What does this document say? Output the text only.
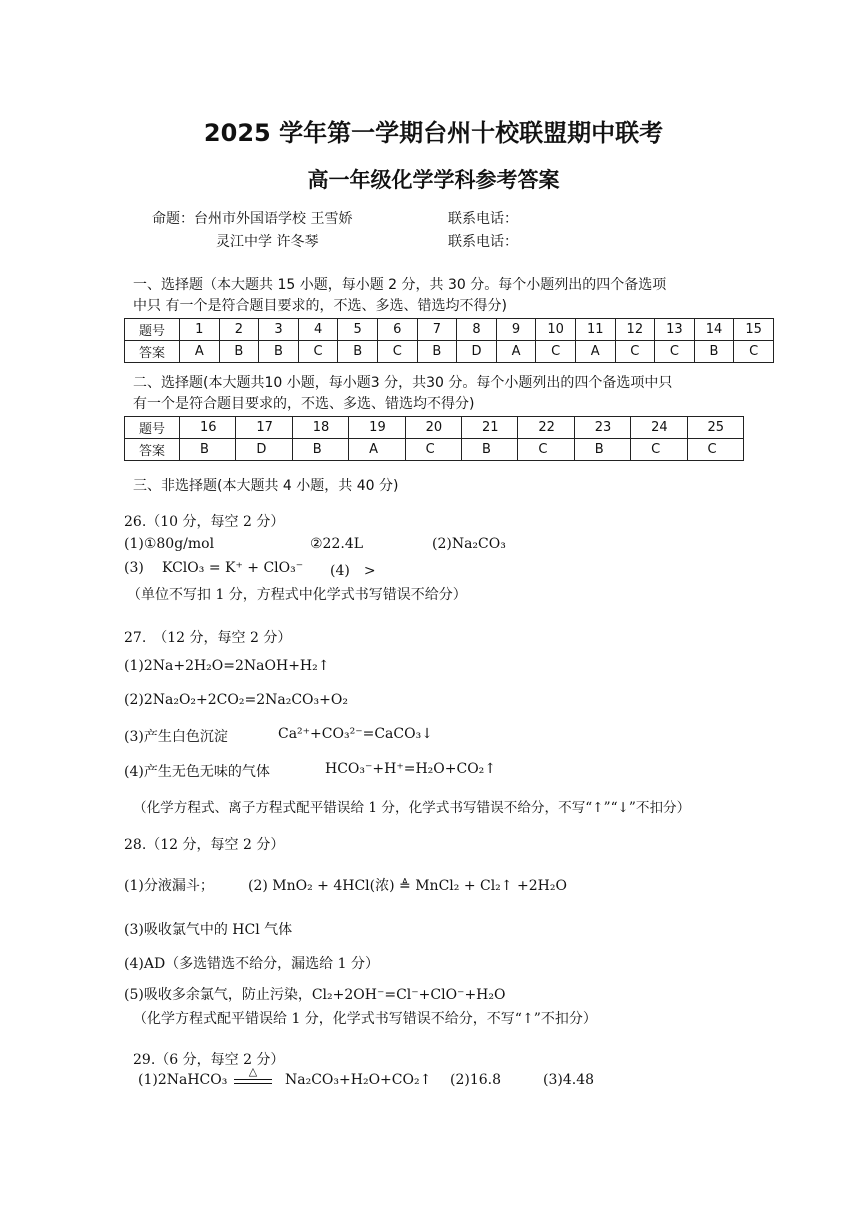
2025 学年第一学期台州十校联盟期中联考
高一年级化学学科参考答案
命题：台州市外国语学校 王雪娇	联系电话：
灵江中学 许冬琴	联系电话：
一、选择题（本大题共 15 小题，每小题 2 分，共 30 分。每个小题列出的四个备选项
中只 有一个是符合题目要求的，不选、多选、错选均不得分)
题号	1	2	3	4	5	6	7	8	9	10	11	12	13	14	15
答案	A	B	B	C	B	C	B	D	A	C	A	C	C	B	C
二、选择题(本大题共10 小题，每小题3 分，共30 分。每个小题列出的四个备选项中只
有一个是符合题目要求的，不选、多选、错选均不得分)
题号	16	17	18	19	20	21	22	23	24	25
答案	B	D	B	A	C	B	C	B	C	C
三、非选择题(本大题共 4 小题，共 40 分)
26.（10 分，每空 2 分）
(1)①80g/mol	②22.4L	(2)Na₂CO₃
(3) KClO₃ = K⁺ + ClO₃⁻ (4)　>
（单位不写扣 1 分，方程式中化学式书写错误不给分）
27.　（12 分，每空 2 分）
(1)2Na+2H₂O=2NaOH+H₂↑
(2)2Na₂O₂+2CO₂=2Na₂CO₃+O₂
(3)产生白色沉淀	Ca²⁺+CO₃²⁻=CaCO₃↓
(4)产生无色无味的气体	HCO₃⁻+H⁺=H₂O+CO₂↑
（化学方程式、离子方程式配平错误给 1 分，化学式书写错误不给分，不写“↑”“↓”不扣分）
28.（12 分，每空 2 分）
(1)分液漏斗； (2) MnO₂ + 4HCl(浓) ≜ MnCl₂ + Cl₂↑ +2H₂O
(3)吸收氯气中的 HCl 气体
(4)AD（多选错选不给分，漏选给 1 分）
(5)吸收多余氯气，防止污染，Cl₂+2OH⁻=Cl⁻+ClO⁻+H₂O
（化学方程式配平错误给 1 分，化学式书写错误不给分，不写“↑”不扣分）
29.（6 分，每空 2 分）
(1)2NaHCO₃
△
Na₂CO₃+H₂O+CO₂↑ (2)16.8	(3)4.48
